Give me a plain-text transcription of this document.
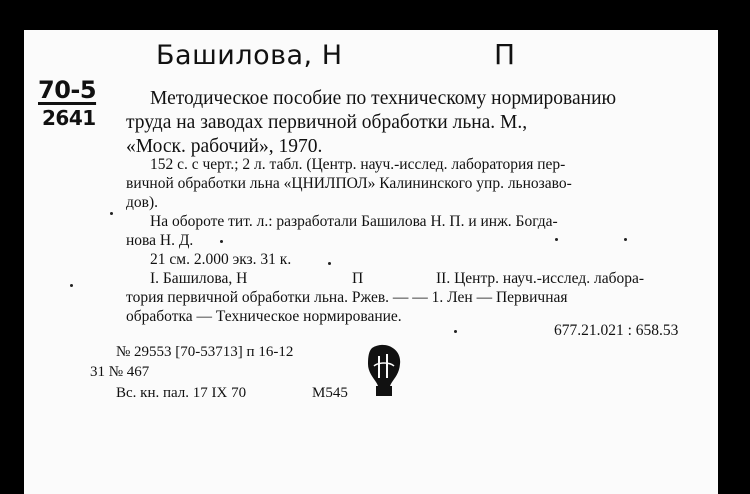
Башилова, Н	П
70-5
2641
Методическое пособие по техническому нормированию
труда на заводах первичной обработки льна. М.,
«Моск. рабочий», 1970.
152 с. с черт.; 2 л. табл. (Центр. науч.-исслед. лаборатория пер-
вичной обработки льна «ЦНИЛПОЛ» Калининского упр. льнозаво-
дов).
На обороте тит. л.: разработали Башилова Н. П. и инж. Богда-
нова Н. Д.
21 см. 2.000 экз. 31 к.
I. Башилова, Н	П	II. Центр. науч.-исслед. лабора-
тория первичной обработки льна. Ржев. — — 1. Лен — Первичная
обработка — Техническое нормирование.
677.21.021 : 658.53
№ 29553 [70-53713] п 16-12
31 № 467
Вс. кн. пал. 17 IX 70	М545
